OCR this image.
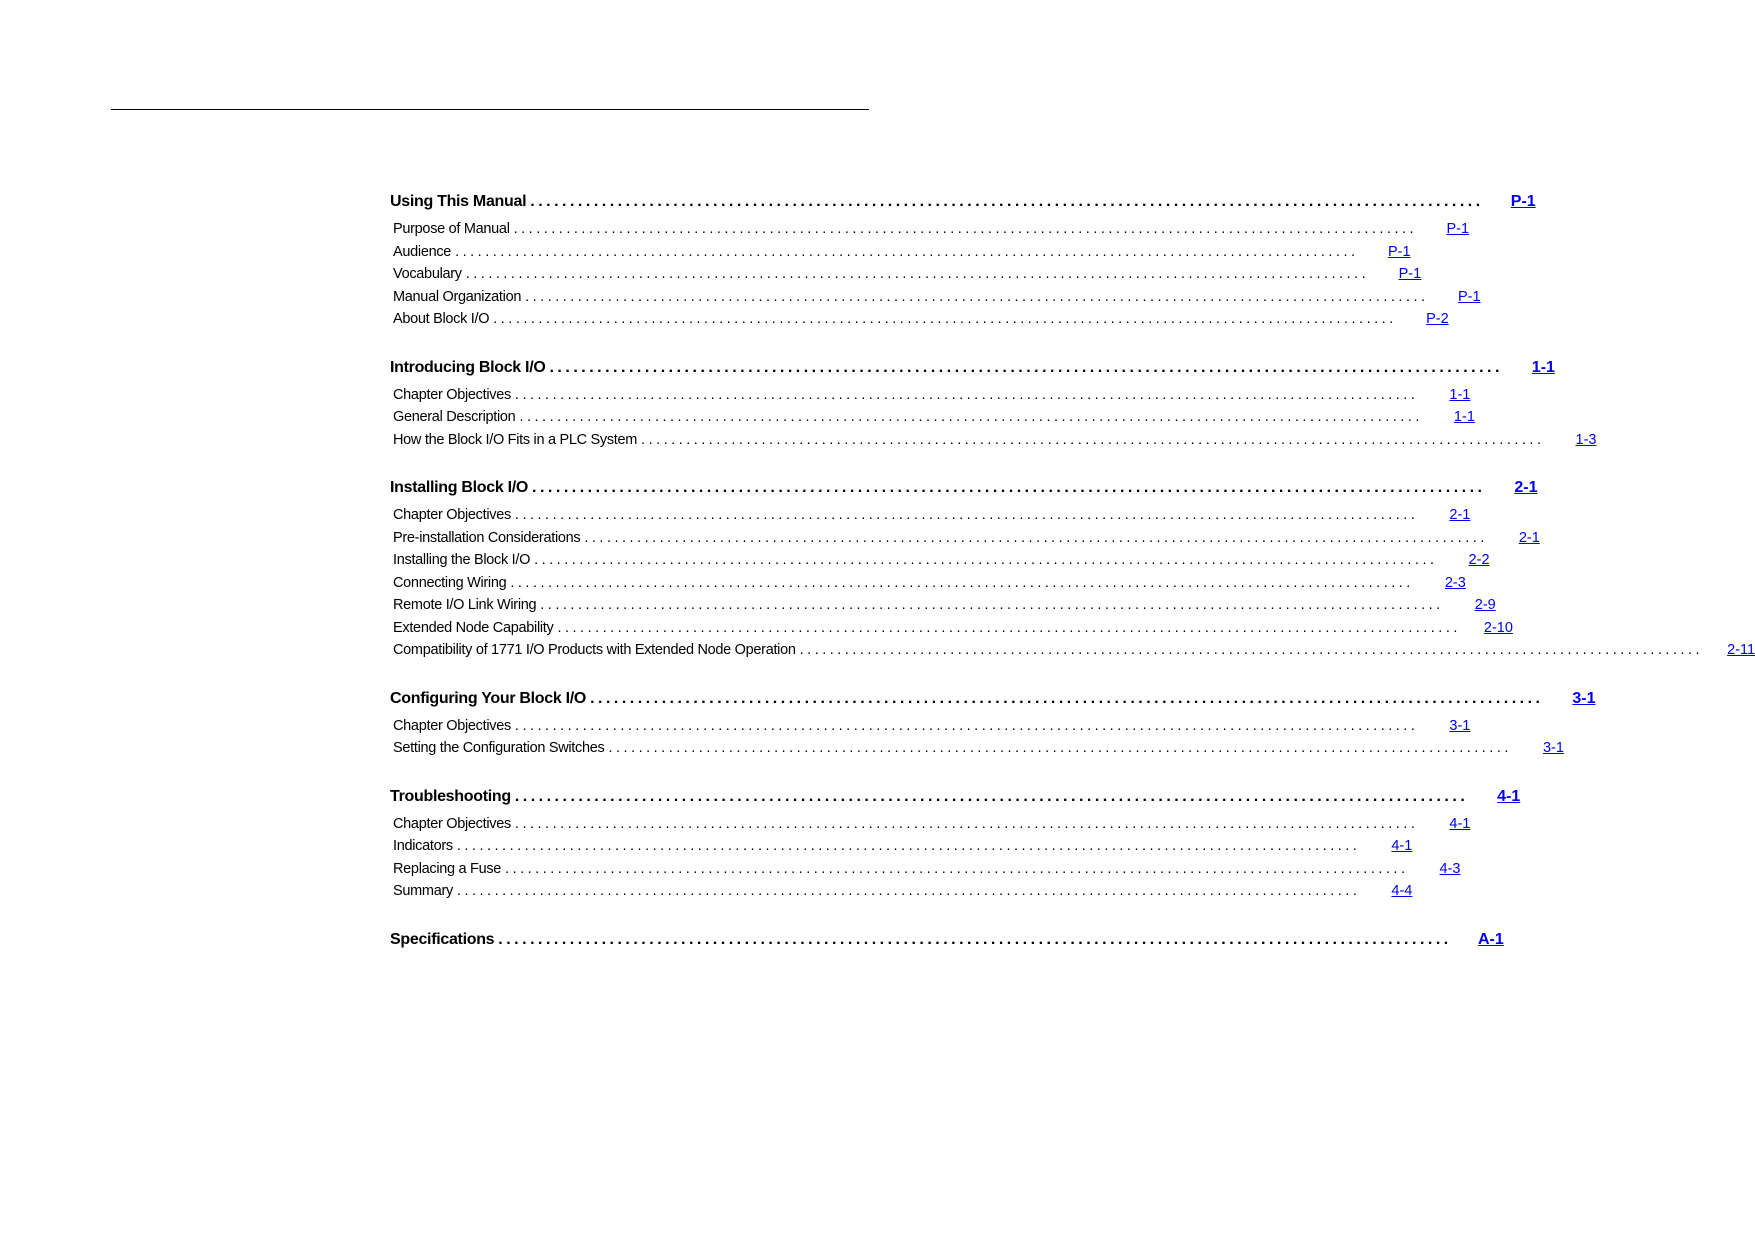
Using This Manual ........................................................................................................................	P-1
Purpose of Manual ........................................................................................................................	P-1
Audience ........................................................................................................................	P-1
Vocabulary ........................................................................................................................	P-1
Manual Organization ........................................................................................................................	P-1
About Block I/O ........................................................................................................................	P-2
Introducing Block I/O ........................................................................................................................	1-1
Chapter Objectives ........................................................................................................................	1-1
General Description ........................................................................................................................	1-1
How the Block I/O Fits in a PLC System ........................................................................................................................	1-3
Installing Block I/O ........................................................................................................................	2-1
Chapter Objectives ........................................................................................................................	2-1
Pre-installation Considerations ........................................................................................................................	2-1
Installing the Block I/O ........................................................................................................................	2-2
Connecting Wiring ........................................................................................................................	2-3
Remote I/O Link Wiring ........................................................................................................................	2-9
Extended Node Capability ........................................................................................................................	2-10
Compatibility of 1771 I/O Products with Extended Node Operation ........................................................................................................................	2-11
Configuring Your Block I/O ........................................................................................................................	3-1
Chapter Objectives ........................................................................................................................	3-1
Setting the Configuration Switches ........................................................................................................................	3-1
Troubleshooting ........................................................................................................................	4-1
Chapter Objectives ........................................................................................................................	4-1
Indicators ........................................................................................................................	4-1
Replacing a Fuse ........................................................................................................................	4-3
Summary ........................................................................................................................	4-4
Specifications ........................................................................................................................	A-1
